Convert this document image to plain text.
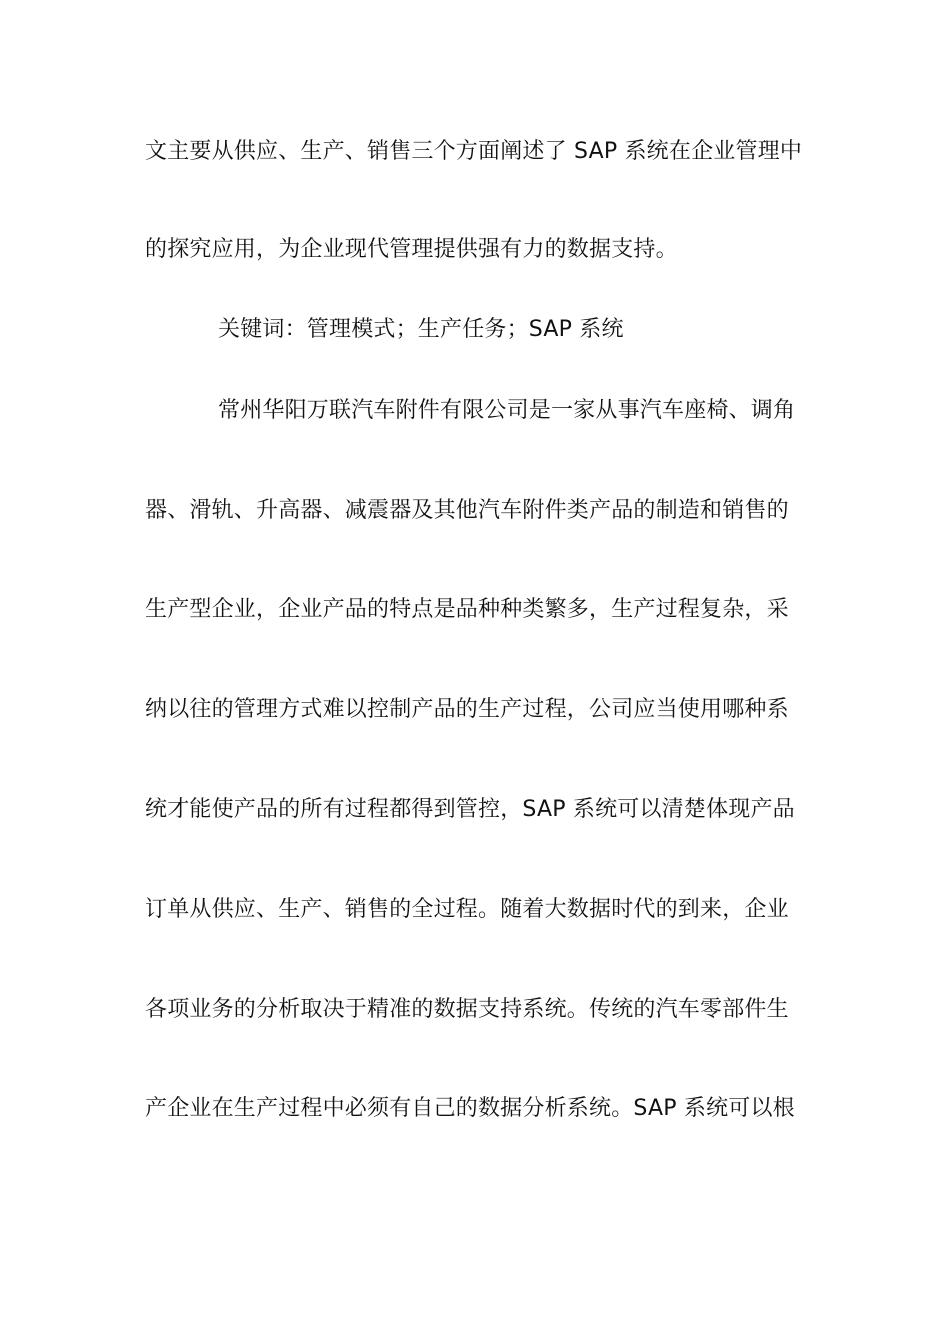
文主要从供应、生产、销售三个方面阐述了 SAP 系统在企业管理中
的探究应用，为企业现代管理提供强有力的数据支持。
关键词：管理模式；生产任务；SAP 系统
常州华阳万联汽车附件有限公司是一家从事汽车座椅、调角
器、滑轨、升高器、减震器及其他汽车附件类产品的制造和销售的
生产型企业，企业产品的特点是品种种类繁多，生产过程复杂，采
纳以往的管理方式难以控制产品的生产过程，公司应当使用哪种系
统才能使产品的所有过程都得到管控，SAP 系统可以清楚体现产品
订单从供应、生产、销售的全过程。随着大数据时代的到来，企业
各项业务的分析取决于精准的数据支持系统。传统的汽车零部件生
产企业在生产过程中必须有自己的数据分析系统。SAP 系统可以根
